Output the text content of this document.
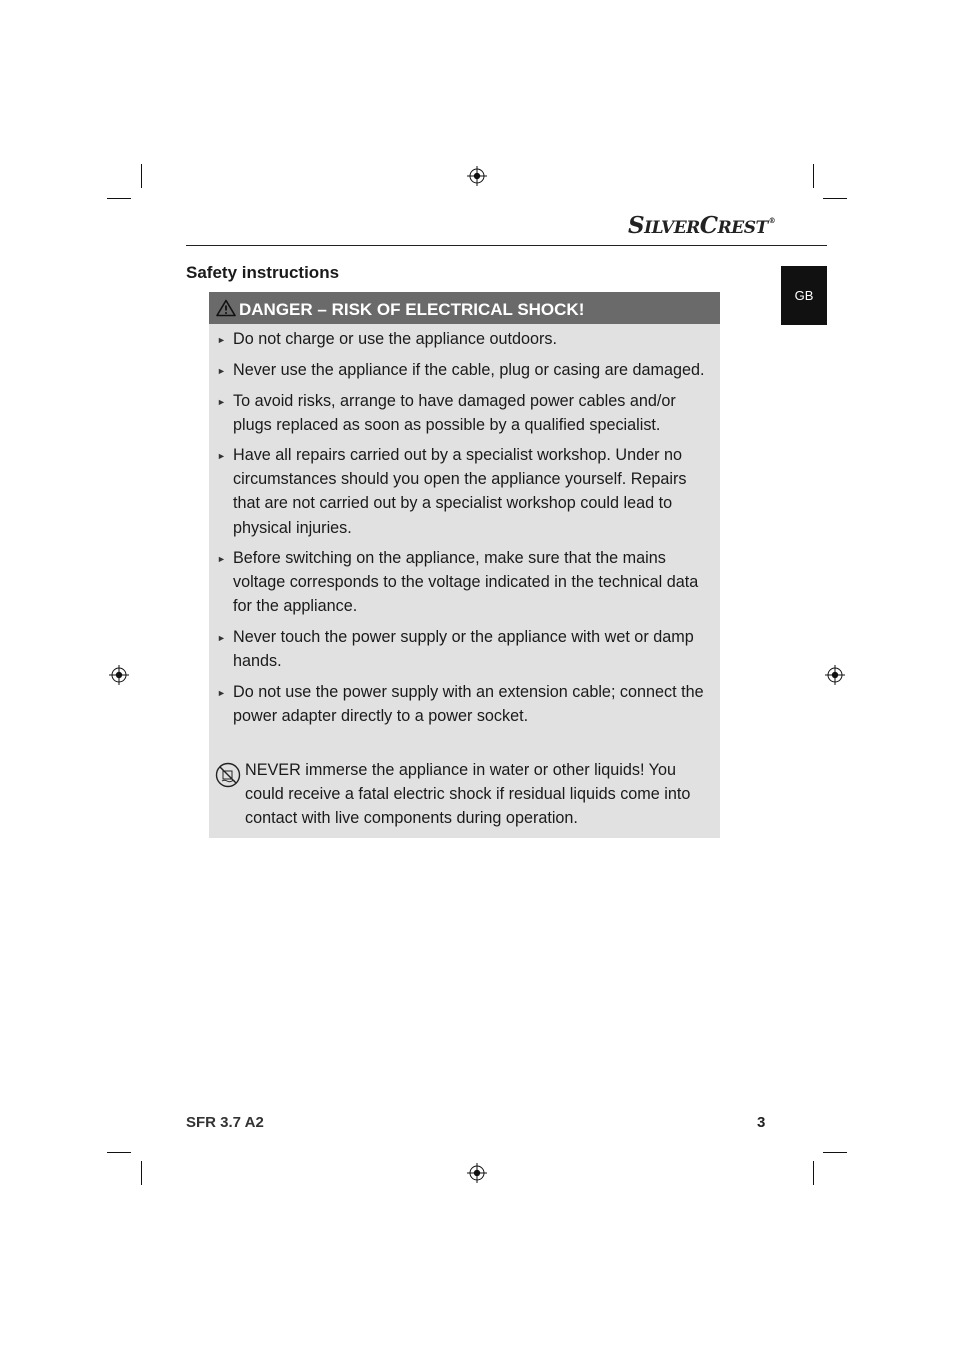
SILVERCREST®
GB
Safety instructions
DANGER – RISK OF ELECTRICAL SHOCK!
► Do not charge or use the appliance outdoors.
► Never use the appliance if the cable, plug or casing are damaged.
► To avoid risks, arrange to have damaged power cables and/or plugs replaced as soon as possible by a qualified specialist.
► Have all repairs carried out by a specialist workshop. Under no circumstances should you open the appliance yourself. Repairs that are not carried out by a specialist workshop could lead to physical injuries.
► Before switching on the appliance, make sure that the mains voltage corresponds to the voltage indicated in the technical data for the appliance.
► Never touch the power supply or the appliance with wet or damp hands.
► Do not use the power supply with an extension cable; connect the power adapter directly to a power socket.
NEVER immerse the appliance in water or other liquids! You could receive a fatal electric shock if residual liquids come into contact with live components during operation.
SFR 3.7 A2	3
